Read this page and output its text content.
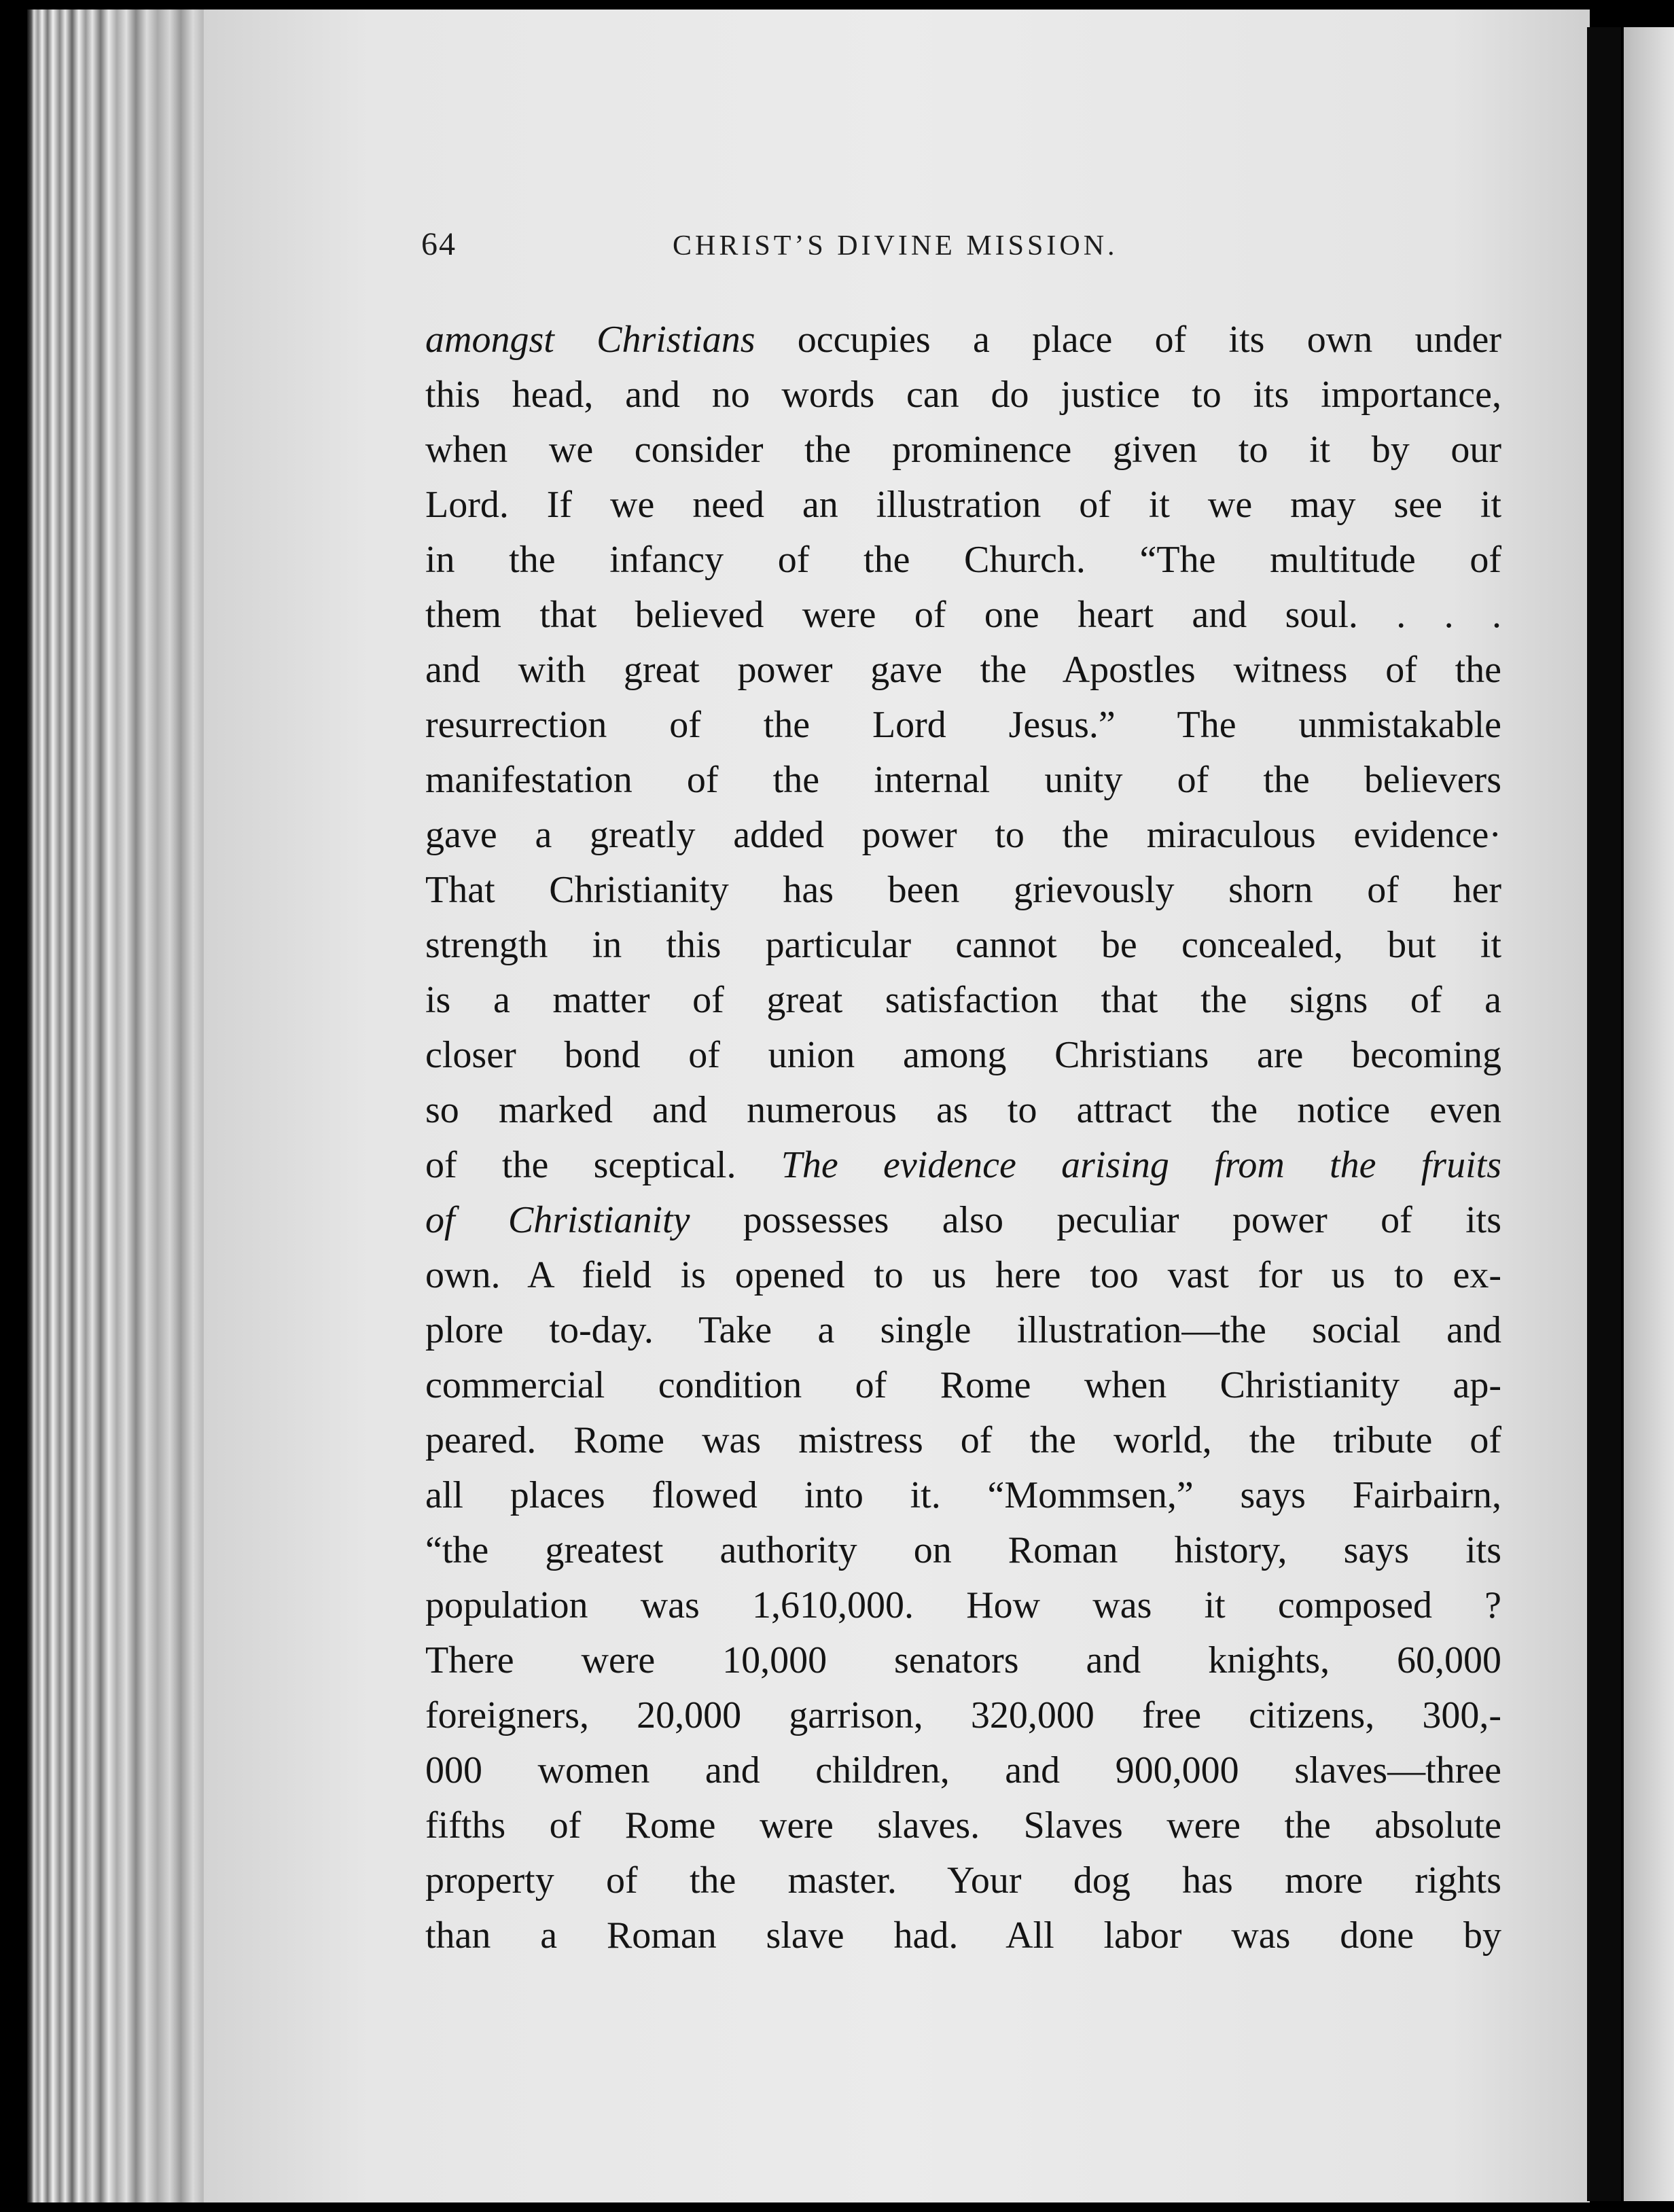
64	CHRIST’S DIVINE MISSION.
amongst Christians occupies a place of its own under
this head, and no words can do justice to its importance,
when we consider the prominence given to it by our
Lord. If we need an illustration of it we may see it
in the infancy of the Church. “The multitude of
them that believed were of one heart and soul. . . .
and with great power gave the Apostles witness of the
resurrection of the Lord Jesus.” The unmistakable
manifestation of the internal unity of the believers
gave a greatly added power to the miraculous evidence·
That Christianity has been grievously shorn of her
strength in this particular cannot be concealed, but it
is a matter of great satisfaction that the signs of a
closer bond of union among Christians are becoming
so marked and numerous as to attract the notice even
of the sceptical. The evidence arising from the fruits
of Christianity possesses also peculiar power of its
own. A field is opened to us here too vast for us to ex-
plore to-day. Take a single illustration—the social and
commercial condition of Rome when Christianity ap-
peared. Rome was mistress of the world, the tribute of
all places flowed into it. “Mommsen,” says Fairbairn,
“the greatest authority on Roman history, says its
population was 1,610,000. How was it composed ?
There were 10,000 senators and knights, 60,000
foreigners, 20,000 garrison, 320,000 free citizens, 300,-
000 women and children, and 900,000 slaves—three
fifths of Rome were slaves. Slaves were the absolute
property of the master. Your dog has more rights
than a Roman slave had. All labor was done by
